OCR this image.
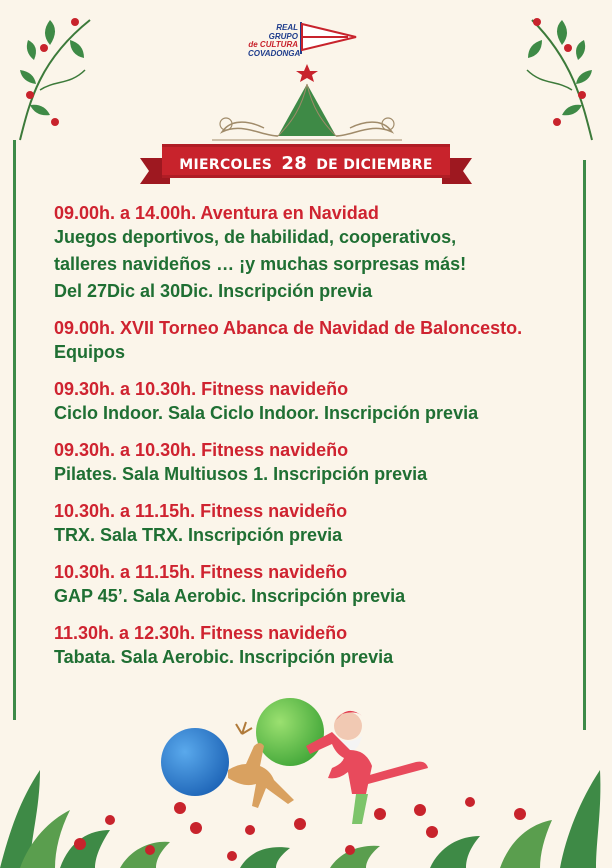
REAL GRUPO
de CULTURA
COVADONGA
MIERCOLES 28 DE DICIEMBRE

09.00h. a 14.00h. Aventura en Navidad

Juegos deportivos, de habilidad, cooperativos,

talleres navideños … ¡y muchas sorpresas más!

Del 27Dic al 30Dic. Inscripción previa

09.00h. XVII Torneo Abanca de Navidad de Baloncesto.

Equipos

09.30h. a 10.30h. Fitness navideño

Ciclo Indoor. Sala Ciclo Indoor. Inscripción previa

09.30h. a 10.30h. Fitness navideño

Pilates. Sala Multiusos 1. Inscripción previa

10.30h. a 11.15h. Fitness navideño

TRX. Sala TRX. Inscripción previa

10.30h. a 11.15h. Fitness navideño

GAP 45’. Sala Aerobic. Inscripción previa

11.30h. a 12.30h. Fitness navideño

Tabata. Sala Aerobic. Inscripción previa
